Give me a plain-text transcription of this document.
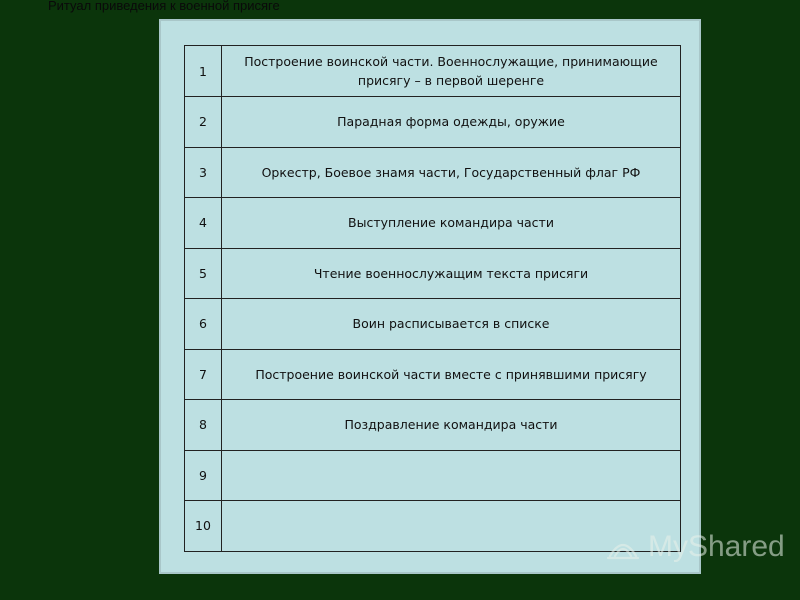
Ритуал приведения к военной присяге
1	Построение воинской части. Военнослужащие, принимающие присягу – в первой шеренге
2	Парадная форма одежды, оружие
3	Оркестр, Боевое знамя части, Государственный флаг РФ
4	Выступление командира части
5	Чтение военнослужащим текста присяги
6	Воин расписывается в списке
7	Построение воинской части вместе с принявшими присягу
8	Поздравление командира части
9	
10	
MyShared
